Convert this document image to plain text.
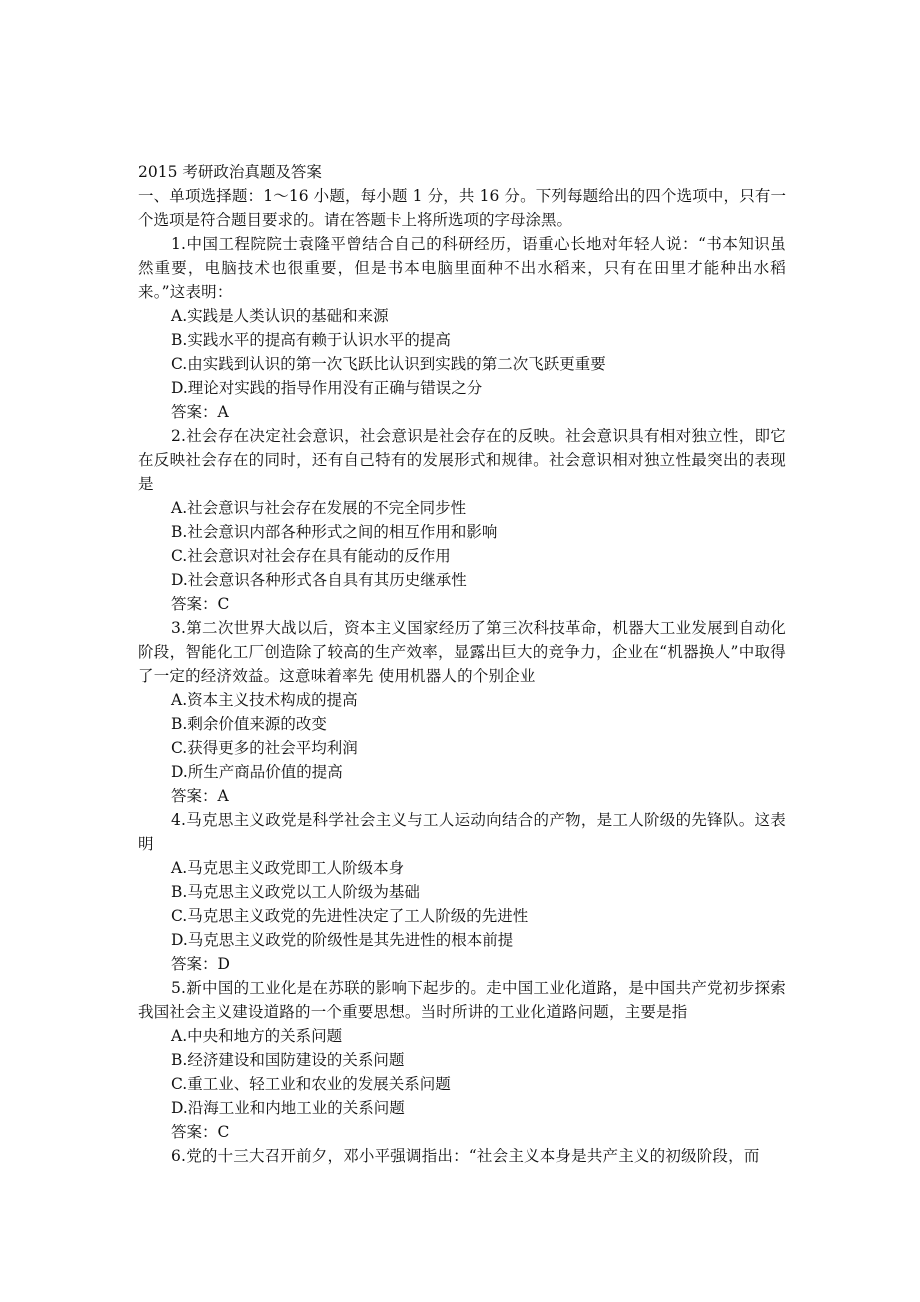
2015 考研政治真题及答案
一、单项选择题：1～16 小题，每小题 1 分，共 16 分。下列每题给出的四个选项中，只有一个选项是符合题目要求的。请在答题卡上将所选项的字母涂黑。
1.中国工程院院士袁隆平曾结合自己的科研经历，语重心长地对年轻人说：“书本知识虽然重要，电脑技术也很重要，但是书本电脑里面种不出水稻来，只有在田里才能种出水稻来。”这表明：
A.实践是人类认识的基础和来源
B.实践水平的提高有赖于认识水平的提高
C.由实践到认识的第一次飞跃比认识到实践的第二次飞跃更重要
D.理论对实践的指导作用没有正确与错误之分
答案：A
2.社会存在决定社会意识，社会意识是社会存在的反映。社会意识具有相对独立性，即它在反映社会存在的同时，还有自己特有的发展形式和规律。社会意识相对独立性最突出的表现是
A.社会意识与社会存在发展的不完全同步性
B.社会意识内部各种形式之间的相互作用和影响
C.社会意识对社会存在具有能动的反作用
D.社会意识各种形式各自具有其历史继承性
答案：C
3.第二次世界大战以后，资本主义国家经历了第三次科技革命，机器大工业发展到自动化阶段，智能化工厂创造除了较高的生产效率，显露出巨大的竞争力，企业在“机器换人”中取得了一定的经济效益。这意味着率先 使用机器人的个别企业
A.资本主义技术构成的提高
B.剩余价值来源的改变
C.获得更多的社会平均利润
D.所生产商品价值的提高
答案：A
4.马克思主义政党是科学社会主义与工人运动向结合的产物，是工人阶级的先锋队。这表明
A.马克思主义政党即工人阶级本身
B.马克思主义政党以工人阶级为基础
C.马克思主义政党的先进性决定了工人阶级的先进性
D.马克思主义政党的阶级性是其先进性的根本前提
答案：D
5.新中国的工业化是在苏联的影响下起步的。走中国工业化道路，是中国共产党初步探索我国社会主义建设道路的一个重要思想。当时所讲的工业化道路问题，主要是指
A.中央和地方的关系问题
B.经济建设和国防建设的关系问题
C.重工业、轻工业和农业的发展关系问题
D.沿海工业和内地工业的关系问题
答案：C
6.党的十三大召开前夕，邓小平强调指出：“社会主义本身是共产主义的初级阶段，而
